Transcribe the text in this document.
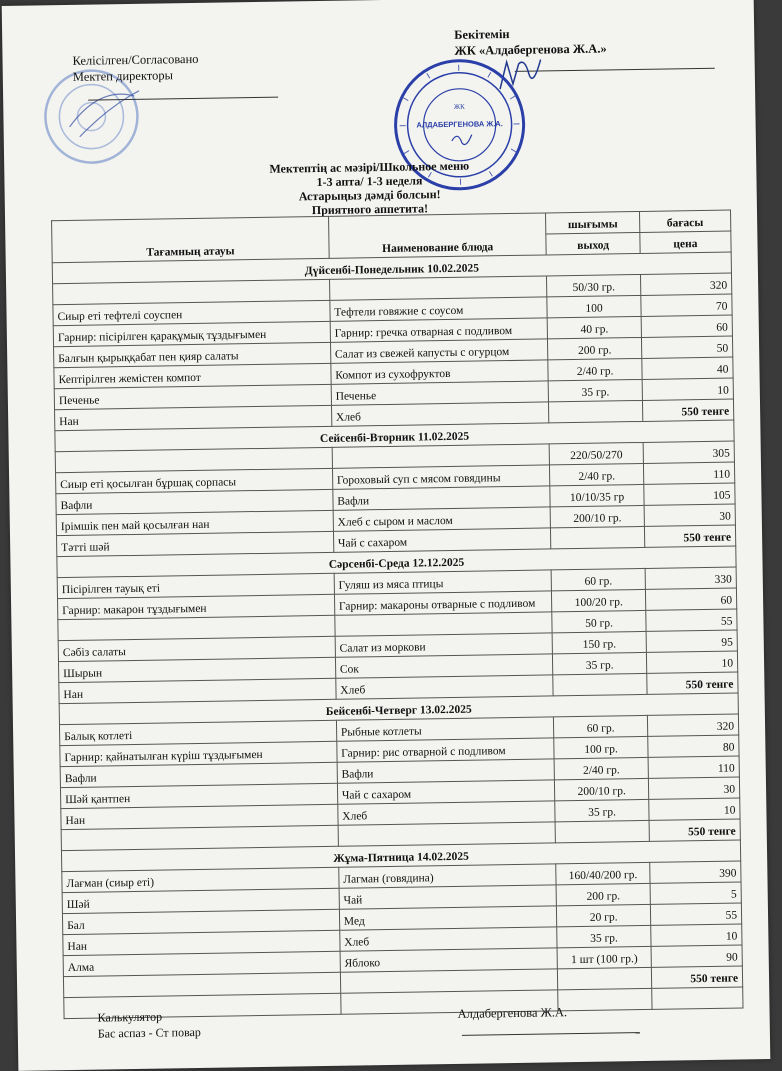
Келісілген/Согласовано
Мектеп директоры
Бекітемін
ЖК «Алдабергенова Ж.А.»
ЖК
АЛДАБЕРГЕНОВА Ж.А.
Мектептің ас мәзірі/Школьное меню
1-3 апта/ 1-3 неделя
Астарыңыз дәмді болсын!
Приятного аппетита!
Тағамның атауы	Наименование блюда	шығымы	бағасы
		выход	цена
Дүйсенбі-Понедельник 10.02.2025			
		50/30 гр.	320
Сиыр еті тефтелі соуспен	Тефтели говяжие с соусом	100	70
Гарнир: пісірілген қарақұмық тұздығымен	Гарнир: гречка отварная с подливом	40 гр.	60
Балғын қырыққабат пен қияр салаты	Салат из свежей капусты с огурцом	200 гр.	50
Кептірілген жемістен компот	Компот из сухофруктов	2/40 гр.	40
Печенье	Печенье	35 гр.	10
Нан	Хлеб		550 тенге
Сейсенбі-Вторник 11.02.2025			
		220/50/270	305
Сиыр еті қосылған бұршақ сорпасы	Гороховый суп с мясом говядины	2/40 гр.	110
Вафли	Вафли	10/10/35 гр	105
Ірімшік пен май қосылған нан	Хлеб с сыром и маслом	200/10 гр.	30
Тәтті шәй	Чай с сахаром		550 тенге
Сәрсенбі-Среда 12.12.2025			
Пісірілген тауық еті	Гуляш из мяса птицы	60 гр.	330
Гарнир: макарон тұздығымен	Гарнир: макароны отварные с подливом	100/20 гр.	60
		50 гр.	55
Сәбіз салаты	Салат из моркови	150 гр.	95
Шырын	Сок	35 гр.	10
Нан	Хлеб		550 тенге
Бейсенбі-Четверг 13.02.2025			
Балық котлеті	Рыбные котлеты	60 гр.	320
Гарнир: қайнатылған күріш тұздығымен	Гарнир: рис отварной с подливом	100 гр.	80
Вафли	Вафли	2/40 гр.	110
Шәй қантпен	Чай с сахаром	200/10 гр.	30
Нан	Хлеб	35 гр.	10
			550 тенге
Жұма-Пятница 14.02.2025			
Лағман (сиыр еті)	Лагман (говядина)	160/40/200 гр.	390
Шәй	Чай	200 гр.	5
Бал	Мед	20 гр.	55
Нан	Хлеб	35 гр.	10
Алма	Яблоко	1 шт (100 гр.)	90
			550 тенге

Калькулятор
Бас аспаз - Ст повар
Алдабергенова Ж.А.
